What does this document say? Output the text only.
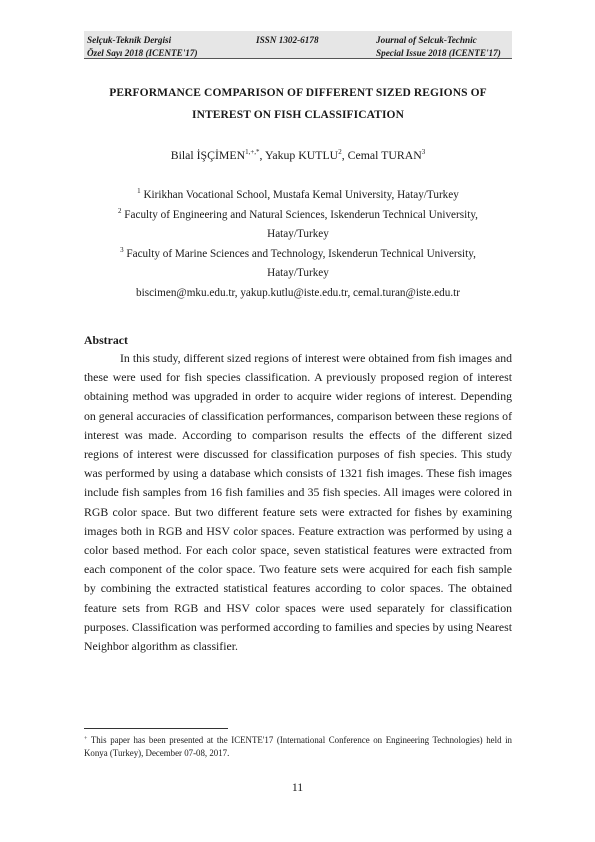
Selçuk-Teknik Dergisi
Özel Sayı 2018 (ICENTE'17)
ISSN 1302-6178	Journal of Selcuk-Technic
Special Issue 2018 (ICENTE'17)
PERFORMANCE COMPARISON OF DIFFERENT SIZED REGIONS OF
INTEREST ON FISH CLASSIFICATION
Bilal $İŞÇİMEN^{1,+,*}$, Yakup KUTLU$^2$, Cemal TURAN$^3$
$^1$ Kirikhan Vocational School, Mustafa Kemal University, Hatay/Turkey
$^2$ Faculty of Engineering and Natural Sciences, Iskenderun Technical University,
Hatay/Turkey
$^3$ Faculty of Marine Sciences and Technology, Iskenderun Technical University,
Hatay/Turkey
biscimen@mku.edu.tr, yakup.kutlu@iste.edu.tr, cemal.turan@iste.edu.tr
Abstract

In this study, different sized regions of interest were obtained from fish images and these were used for fish species classification. A previously proposed region of interest obtaining method was upgraded in order to acquire wider regions of interest. Depending on general accuracies of classification performances, comparison between these regions of interest was made. According to comparison results the effects of the different sized regions of interest were discussed for classification purposes of fish species. This study was performed by using a database which consists of 1321 fish images. These fish images include fish samples from 16 fish families and 35 fish species. All images were colored in RGB color space. But two different feature sets were extracted for fishes by examining images both in RGB and HSV color spaces. Feature extraction was performed by using a color based method. For each color space, seven statistical features were extracted from each component of the color space. Two feature sets were acquired for each fish sample by combining the extracted statistical features according to color spaces. The obtained feature sets from RGB and HSV color spaces were used separately for classification purposes. Classification was performed according to families and species by using Nearest Neighbor algorithm as classifier.

+ This paper has been presented at the ICENTE'17 (International Conference on Engineering Technologies) held in Konya (Turkey), December 07-08, 2017.
11
